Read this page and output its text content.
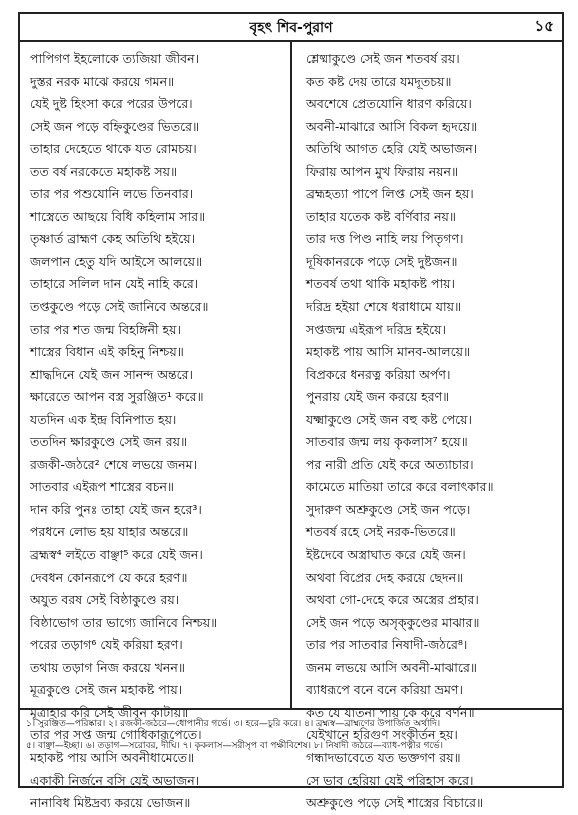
বৃহৎ শিব-পুরাণ	১৫
পাপিগণ ইহলোকে ত্যজিয়া জীবন।
দুস্তর নরক মাঝে করয়ে গমন॥
যেই দুষ্ট হিংসা করে পরের উপরে।
সেই জন পড়ে বহ্নিকুণ্ডের ভিতরে॥
তাহার দেহেতে থাকে যত রোমচয়।
তত বর্ষ নরকেতে মহাকষ্ট সয়॥
তার পর পশুযোনি লভে তিনবার।
শাস্ত্রেতে আছয়ে বিধি কহিলাম সার॥
তৃষ্ণার্ত ব্রাহ্মণ কেহ অতিথি হইয়ে।
জলপান হেতু যদি আইসে আলয়ে॥
তাহারে সলিল দান যেই নাহি করে।
তপ্তকুণ্ডে পড়ে সেই জানিবে অন্তরে॥
তার পর শত জন্ম বিহঙ্গিনী হয়।
শাস্ত্রের বিধান এই কহিনু নিশ্চয়॥
শ্রাদ্ধদিনে যেই জন সানন্দ অন্তরে।
ক্ষারেতে আপন বস্ত্র সুরঞ্জিত¹ করে॥
যতদিন এক ইন্দ্র বিনিপাত হয়।
ততদিন ক্ষারকুণ্ডে সেই জন রয়॥
রজকী-জঠরে² শেষে লভয়ে জনম।
সাতবার এইরূপ শাস্ত্রের বচন॥
দান করি পুনঃ তাহা যেই জন হরে³।
পরধনে লোভ হয় যাহার অন্তরে॥
ব্রহ্মস্ব⁴ লইতে বাঞ্ছা⁵ করে যেই জন।
দেবধন কোনরূপে যে করে হরণ॥
অযুত বরষ সেই বিষ্ঠাকুণ্ডে রয়।
বিষ্ঠাভোগ তার ভাগ্যে জানিবে নিশ্চয়॥
পরের তড়াগ⁶ যেই করিয়া হরণ।
তথায় তড়াগ নিজ করয়ে খনন॥
মূত্রকুণ্ডে সেই জন মহাকষ্ট পায়।
মূত্রাহার করি সেই জীবন কাটায়॥
তার পর সপ্ত জন্ম গোধিকারূপেতে।
মহাকষ্ট পায় আসি অবনীধামেতে॥
একাকী নির্জনে বসি যেই অভাজন।
নানাবিধ মিষ্টদ্রব্য করয়ে ভোজন॥
শ্লেষ্মাকুণ্ডে সেই জন শতবর্ষ রয়।
কত কষ্ট দেয় তারে যমদূতচয়॥
অবশেষে প্রেতযোনি ধারণ করিয়ে।
অবনী-মাঝারে আসি বিকল হৃদয়ে॥
অতিথি আগত হেরি যেই অভাজন।
ফিরায় আপন মুখ ফিরায় নয়ন॥
ব্রহ্মহত্যা পাপে লিপ্ত সেই জন হয়।
তাহার যতেক কষ্ট বর্ণিবার নয়॥
তার দত্ত পিণ্ড নাহি লয় পিতৃগণ।
দূষিকানরকে পড়ে সেই দুষ্টজন॥
শতবর্ষ তথা থাকি মহাকষ্ট পায়।
দরিদ্র হইয়া শেষে ধরাধামে যায়॥
সপ্তজন্ম এইরূপ দরিদ্র হইয়ে।
মহাকষ্ট পায় আসি মানব-আলয়ে॥
বিপ্রকরে ধনরত্ন করিয়া অর্পণ।
পুনরায় যেই জন করয়ে হরণ॥
যক্ষ্মাকুণ্ডে সেই জন বহু কষ্ট পেয়ে।
সাতবার জন্ম লয় কৃকলাস⁷ হয়ে॥
পর নারী প্রতি যেই করে অত্যাচার।
কামেতে মাতিয়া তারে করে বলাৎকার॥
সুদারুণ অশ্রুকুণ্ডে সেই জন পড়ে।
শতবর্ষ রহে সেই নরক-ভিতরে॥
ইষ্টদেবে অস্ত্রাঘাত করে যেই জন।
অথবা বিপ্রের দেহ করয়ে ছেদন॥
অথবা গো-দেহে করে অস্ত্রের প্রহার।
সেই জন পড়ে অসৃক্‌কুণ্ডের মাঝার॥
তার পর সাতবার নিষাদী-জঠরে⁸।
জনম লভয়ে আসি অবনী-মাঝারে॥
ব্যাধরূপে বনে বনে করিয়া ভ্রমণ।
কত যে যাতনা পায় কে করে বর্ণন॥
যেইখানে হরিগুণ সংকীর্তন হয়।
গন্ধাদভাবেতে যত ভক্তগণ রয়॥
সে ভাব হেরিয়া যেই পরিহাস করে।
অশ্রুকুণ্ডে পড়ে সেই শাস্ত্রের বিচারে॥
১। সুরঞ্জিত—পরিষ্কার। ২। রজকী-জঠরে—ধোপানীর গর্ভে। ৩। হরে—চুরি করে। ৪। ব্রহ্মস্ব—ব্রাহ্মণের উপার্জিত অর্থাদি।
৫। বাঞ্ছা—ইচ্ছা। ৬। তড়াগ—সরোবর, দীঘি। ৭। কৃকলাস—সরীসৃপ বা পক্ষীবিশেষ। ৮। নিষাদী জঠরে—ব্যাধ-পত্নীর গর্ভে।
